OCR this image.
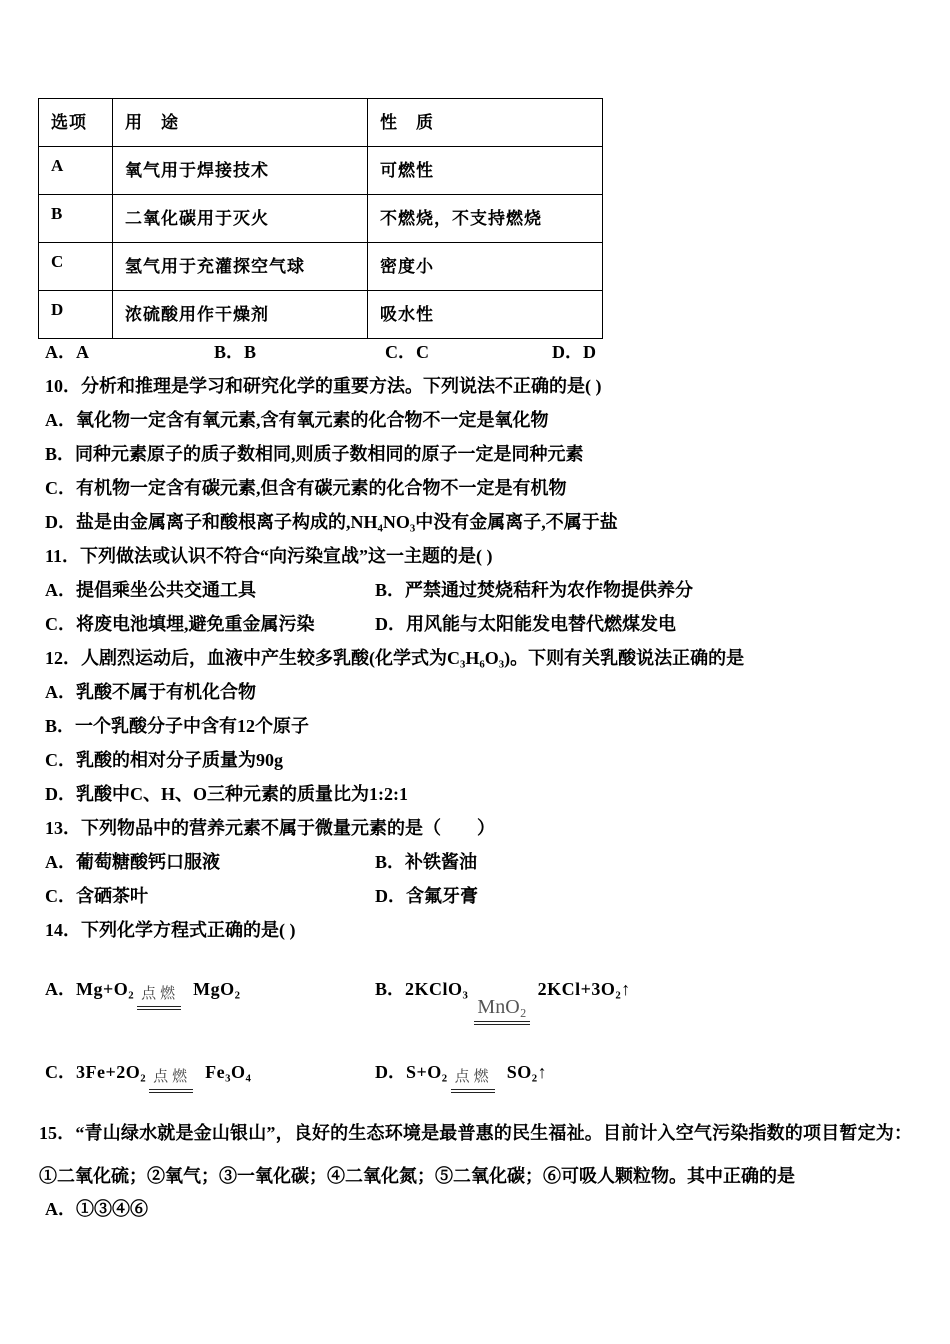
选项	用　途	性　质
A	氧气用于焊接技术	可燃性
B	二氧化碳用于灭火	不燃烧，不支持燃烧
C	氢气用于充灌探空气球	密度小
D	浓硫酸用作干燥剂	吸水性
A．A	B．B	C．C	D．D
10．分析和推理是学习和研究化学的重要方法。下列说法不正确的是( )
A．氧化物一定含有氧元素,含有氧元素的化合物不一定是氧化物
B．同种元素原子的质子数相同,则质子数相同的原子一定是同种元素
C．有机物一定含有碳元素,但含有碳元素的化合物不一定是有机物
D．盐是由金属离子和酸根离子构成的,NH₄NO₃中没有金属离子,不属于盐
11．下列做法或认识不符合“向污染宣战”这一主题的是( )
A．提倡乘坐公共交通工具	B．严禁通过焚烧秸秆为农作物提供养分
C．将废电池填埋,避免重金属污染	D．用风能与太阳能发电替代燃煤发电
12．人剧烈运动后，血液中产生较多乳酸(化学式为C₃H₆O₃)。下则有关乳酸说法正确的是
A．乳酸不属于有机化合物
B．一个乳酸分子中含有12个原子
C．乳酸的相对分子质量为90g
D．乳酸中C、H、O三种元素的质量比为1:2:1
13．下列物品中的营养元素不属于微量元素的是（　　）
A．葡萄糖酸钙口服液	B．补铁酱油
C．含硒茶叶	D．含氟牙膏
14．下列化学方程式正确的是( )
A．Mg+O₂ 点燃 MgO₂	B．2KClO₃
MnO₂
2KCl+3O₂↑
C．3Fe+2O₂ 点燃 Fe₃O₄	D．S+O₂ 点燃 SO₂↑
15．“青山绿水就是金山银山”，良好的生态环境是最普惠的民生福祉。目前计入空气污染指数的项目暂定为：①二氧化硫；②氧气；③一氧化碳；④二氧化氮；⑤二氧化碳；⑥可吸人颗粒物。其中正确的是
A．①③④⑥
